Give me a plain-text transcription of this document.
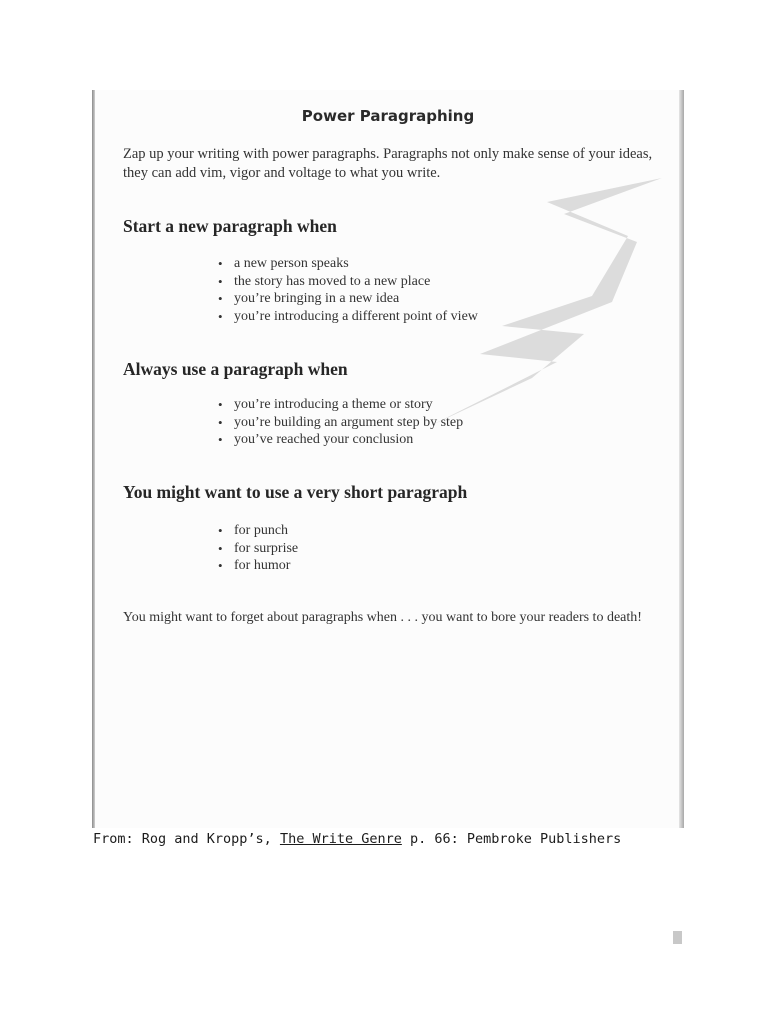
Power Paragraphing

Zap up your writing with power paragraphs. Paragraphs not only make sense of your ideas, they can add vim, vigor and voltage to what you write.

Start a new paragraph when
• a new person speaks
• the story has moved to a new place
• you’re bringing in a new idea
• you’re introducing a different point of view
Always use a paragraph when
• you’re introducing a theme or story
• you’re building an argument step by step
• you’ve reached your conclusion
You might want to use a very short paragraph
• for punch
• for surprise
• for humor

You might want to forget about paragraphs when . . . you want to bore your readers to death!

From: Rog and Kropp’s, The Write Genre p. 66: Pembroke Publishers
